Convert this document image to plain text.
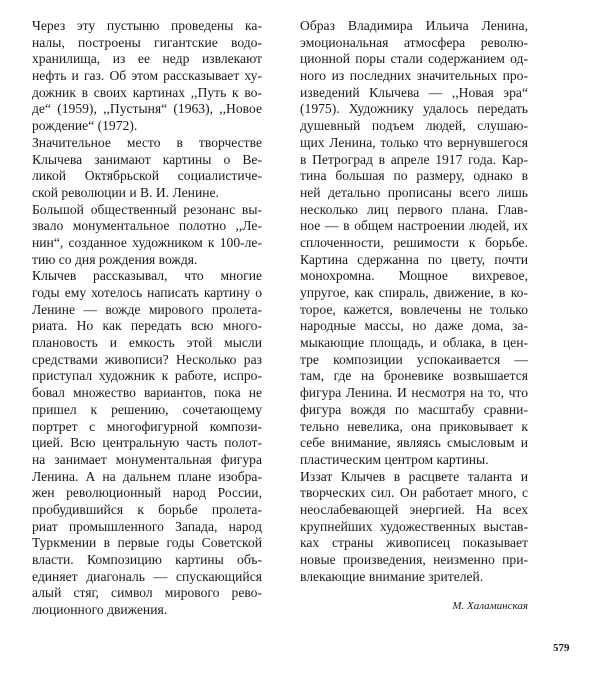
Через эту пустыню проведены ка-
налы, построены гигантские водо-
хранилища, из ее недр извлекают
нефть и газ. Об этом рассказывает ху-
дожник в своих картинах ,,Путь к во-
де“ (1959), ,,Пустыня“ (1963), ,,Новое
рождение“ (1972).
Значительное место в творчестве
Клычева занимают картины о Ве-
ликой Октябрьской социалистиче-
ской революции и В. И. Ленине.
Большой общественный резонанс вы-
звало монументальное полотно ,,Ле-
нин“, созданное художником к 100-ле-
тию со дня рождения вождя.
Клычев рассказывал, что многие
годы ему хотелось написать картину о
Ленине — вожде мирового пролета-
риата. Но как передать всю много-
плановость и емкость этой мысли
средствами живописи? Несколько раз
приступал художник к работе, испро-
бовал множество вариантов, пока не
пришел к решению, сочетающему
портрет с многофигурной компози-
цией. Всю центральную часть полот-
на занимает монументальная фигура
Ленина. А на дальнем плане изобра-
жен революционный народ России,
пробудившийся к борьбе пролета-
риат промышленного Запада, народ
Туркмении в первые годы Советской
власти. Композицию картины объ-
единяет диагональ — спускающийся
алый стяг, символ мирового рево-
люционного движения.
Образ Владимира Ильича Ленина,
эмоциональная атмосфера револю-
ционной поры стали содержанием од-
ного из последних значительных про-
изведений Клычева — ,,Новая эра“
(1975). Художнику удалось передать
душевный подъем людей, слушаю-
щих Ленина, только что вернувшегося
в Петроград в апреле 1917 года. Кар-
тина большая по размеру, однако в
ней детально прописаны всего лишь
несколько лиц первого плана. Глав-
ное — в общем настроении людей, их
сплоченности, решимости к борьбе.
Картина сдержанна по цвету, почти
монохромна. Мощное вихревое,
упругое, как спираль, движение, в ко-
торое, кажется, вовлечены не только
народные массы, но даже дома, за-
мыкающие площадь, и облака, в цен-
тре композиции успокаивается —
там, где на броневике возвышается
фигура Ленина. И несмотря на то, что
фигура вождя по масштабу сравни-
тельно невелика, она приковывает к
себе внимание, являясь смысловым и
пластическим центром картины.
Иззат Клычев в расцвете таланта и
творческих сил. Он работает много, с
неослабевающей энергией. На всех
крупнейших художественных выстав-
ках страны живописец показывает
новые произведения, неизменно при-
влекающие внимание зрителей.
М. Халаминская
579
